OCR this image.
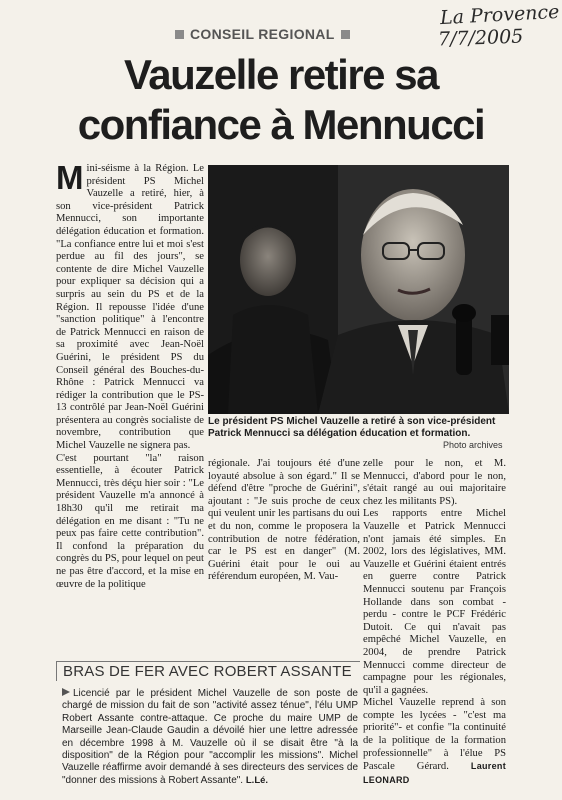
La Provence
7/7/2005
CONSEIL REGIONAL
Vauzelle retire sa
confiance à Mennucci

Mini-séisme à la Région. Le président PS Michel Vauzelle a retiré, hier, à son vice-président Patrick Mennucci, son importante délégation éducation et formation. "La confiance entre lui et moi s'est perdue au fil des jours", se contente de dire Michel Vauzelle pour expliquer sa décision qui a surpris au sein du PS et de la Région. Il repousse l'idée d'une "sanction politique" à l'encontre de Patrick Mennucci en raison de sa proximité avec Jean-Noël Guérini, le président PS du Conseil général des Bouches-du-Rhône : Patrick Mennucci va rédiger la contribution que le PS-13 contrôlé par Jean-Noël Guérini présentera au congrès socialiste de novembre, contribution que Michel Vauzelle ne signera pas.

C'est pourtant "la" raison essentielle, à écouter Patrick Mennucci, très déçu hier soir : "Le président Vauzelle m'a annoncé à 18h30 qu'il me retirait ma délégation en me disant : "Tu ne peux pas faire cette contribution". Il confond la préparation du congrès du PS, pour lequel on peut ne pas être d'accord, et la mise en œuvre de la politique

Le président PS Michel Vauzelle a retiré à son vice-président Patrick Mennucci sa délégation éducation et formation.
Photo archives

régionale. J'ai toujours été d'une loyauté absolue à son égard." Il se défend d'être "proche de Guérini", ajoutant : "Je suis proche de ceux qui veulent unir les partisans du oui et du non, comme le proposera la contribution de notre fédération, car le PS est en danger" (M. Guérini était pour le oui au référendum européen, M. Vau-

zelle pour le non, et M. Mennucci, d'abord pour le non, s'était rangé au oui majoritaire chez les militants PS).

Les rapports entre Michel Vauzelle et Patrick Mennucci n'ont jamais été simples. En 2002, lors des législatives, MM. Vauzelle et Guérini étaient entrés en guerre contre Patrick Mennucci soutenu par François Hollande dans son combat - perdu - contre le PCF Frédéric Dutoit. Ce qui n'avait pas empêché Michel Vauzelle, en 2004, de prendre Patrick Mennucci comme directeur de campagne pour les régionales, qu'il a gagnées.

Michel Vauzelle reprend à son compte les lycées - "c'est ma priorité"- et confie "la continuité de la politique de la formation professionnelle" à l'élue PS Pascale Gérard. Laurent LEONARD

BRAS DE FER AVEC ROBERT ASSANTE
Licencié par le président Michel Vauzelle de son poste de chargé de mission du fait de son "activité assez ténue", l'élu UMP Robert Assante contre-attaque. Ce proche du maire UMP de Marseille Jean-Claude Gaudin a dévoilé hier une lettre adressée en décembre 1998 à M. Vauzelle où il se disait être "à la disposition" de la Région pour "accomplir les missions". Michel Vauzelle réaffirme avoir demandé à ses directeurs des services de "donner des missions à Robert Assante". L.Lé.
